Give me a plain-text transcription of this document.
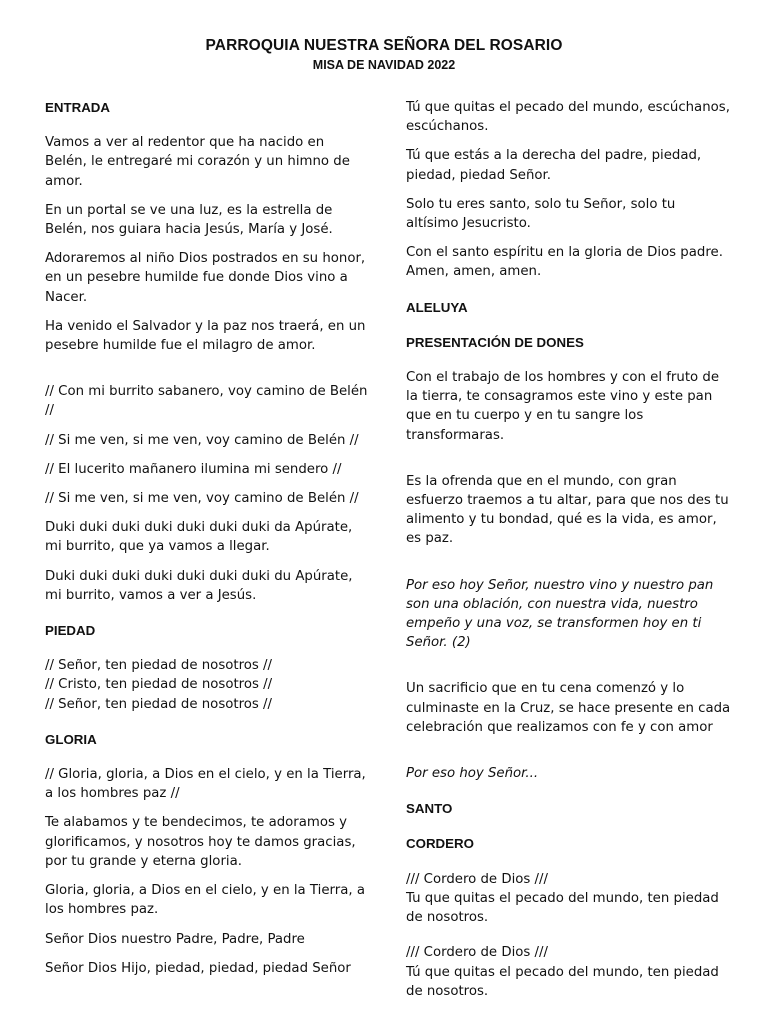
PARROQUIA NUESTRA SEÑORA DEL ROSARIO
MISA DE NAVIDAD 2022
ENTRADA

Vamos a ver al redentor que ha nacido en Belén, le entregaré mi corazón y un himno de amor.

En un portal se ve una luz, es la estrella de Belén, nos guiara hacia Jesús, María y José.

Adoraremos al niño Dios postrados en su honor, en un pesebre humilde fue donde Dios vino a Nacer.

Ha venido el Salvador y la paz nos traerá, en un pesebre humilde fue el milagro de amor.

// Con mi burrito sabanero, voy camino de Belén //

// Si me ven, si me ven, voy camino de Belén //

// El lucerito mañanero ilumina mi sendero //

// Si me ven, si me ven, voy camino de Belén //

Duki duki duki duki duki duki duki da Apúrate, mi burrito, que ya vamos a llegar.

Duki duki duki duki duki duki duki du Apúrate, mi burrito, vamos a ver a Jesús.

PIEDAD
// Señor, ten piedad de nosotros //
// Cristo, ten piedad de nosotros //
// Señor, ten piedad de nosotros //
GLORIA

// Gloria, gloria, a Dios en el cielo, y en la Tierra, a los hombres paz //

Te alabamos y te bendecimos, te adoramos y glorificamos, y nosotros hoy te damos gracias, por tu grande y eterna gloria.

Gloria, gloria, a Dios en el cielo, y en la Tierra, a los hombres paz.

Señor Dios nuestro Padre, Padre, Padre

Señor Dios Hijo, piedad, piedad, piedad Señor

Tú que quitas el pecado del mundo, escúchanos, escúchanos.

Tú que estás a la derecha del padre, piedad, piedad, piedad Señor.

Solo tu eres santo, solo tu Señor, solo tu altísimo Jesucristo.

Con el santo espíritu en la gloria de Dios padre. Amen, amen, amen.

ALELUYA
PRESENTACIÓN DE DONES

Con el trabajo de los hombres y con el fruto de la tierra, te consagramos este vino y este pan que en tu cuerpo y en tu sangre los transformaras.

Es la ofrenda que en el mundo, con gran esfuerzo traemos a tu altar, para que nos des tu alimento y tu bondad, qué es la vida, es amor, es paz.

Por eso hoy Señor, nuestro vino y nuestro pan son una oblación, con nuestra vida, nuestro empeño y una voz, se transformen hoy en ti Señor. (2)

Un sacrificio que en tu cena comenzó y lo culminaste en la Cruz, se hace presente en cada celebración que realizamos con fe y con amor

Por eso hoy Señor...

SANTO
CORDERO
/// Cordero de Dios ///
Tu que quitas el pecado del mundo, ten piedad de nosotros.
/// Cordero de Dios ///
Tú que quitas el pecado del mundo, ten piedad de nosotros.
